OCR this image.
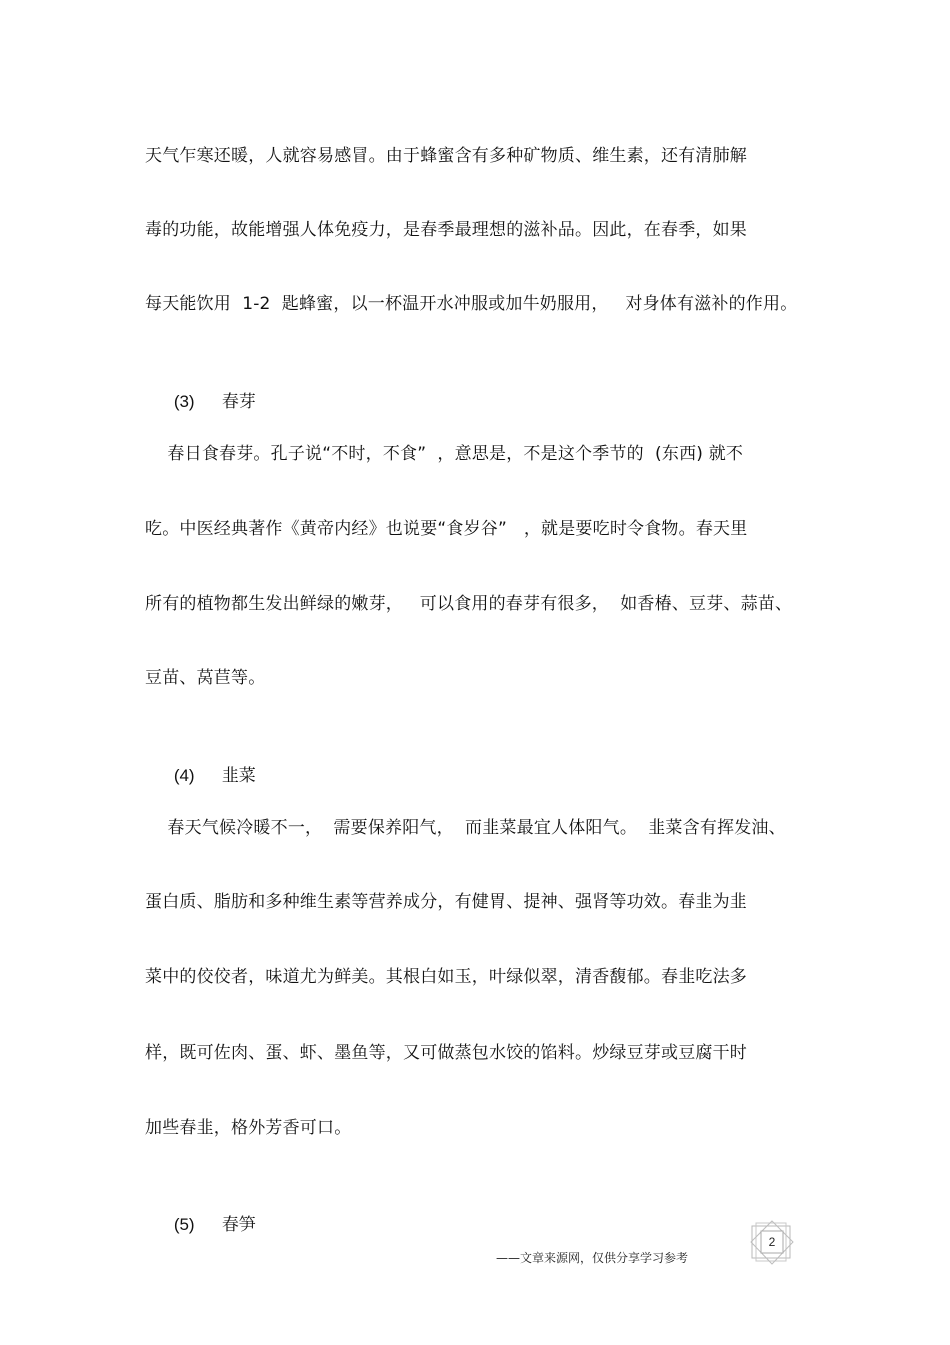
天气乍寒还暖，人就容易感冒。由于蜂蜜含有多种矿物质、维生素，还有清肺解
毒的功能，故能增强人体免疫力，是春季最理想的滋补品。因此，在春季，如果
每天能饮用  1-2  匙蜂蜜，以一杯温开水冲服或加牛奶服用，   对身体有滋补的作用。

(3) 春芽

春日食春芽。孔子说“不时，不食”  ，意思是，不是这个季节的  (东西) 就不
吃。中医经典著作《黄帝内经》也说要“食岁谷”   ，就是要吃时令食物。春天里
所有的植物都生发出鲜绿的嫩芽，   可以食用的春芽有很多，  如香椿、豆芽、蒜苗、
豆苗、莴苣等。

(4) 韭菜

春天气候冷暖不一，  需要保养阳气，  而韭菜最宜人体阳气。  韭菜含有挥发油、
蛋白质、脂肪和多种维生素等营养成分，有健胃、提神、强肾等功效。春韭为韭
菜中的佼佼者，味道尤为鲜美。其根白如玉，叶绿似翠，清香馥郁。春韭吃法多
样，既可佐肉、蛋、虾、墨鱼等，又可做蒸包水饺的馅料。炒绿豆芽或豆腐干时
加些春韭，格外芳香可口。

(5) 春笋

——文章来源网，仅供分享学习参考
2
